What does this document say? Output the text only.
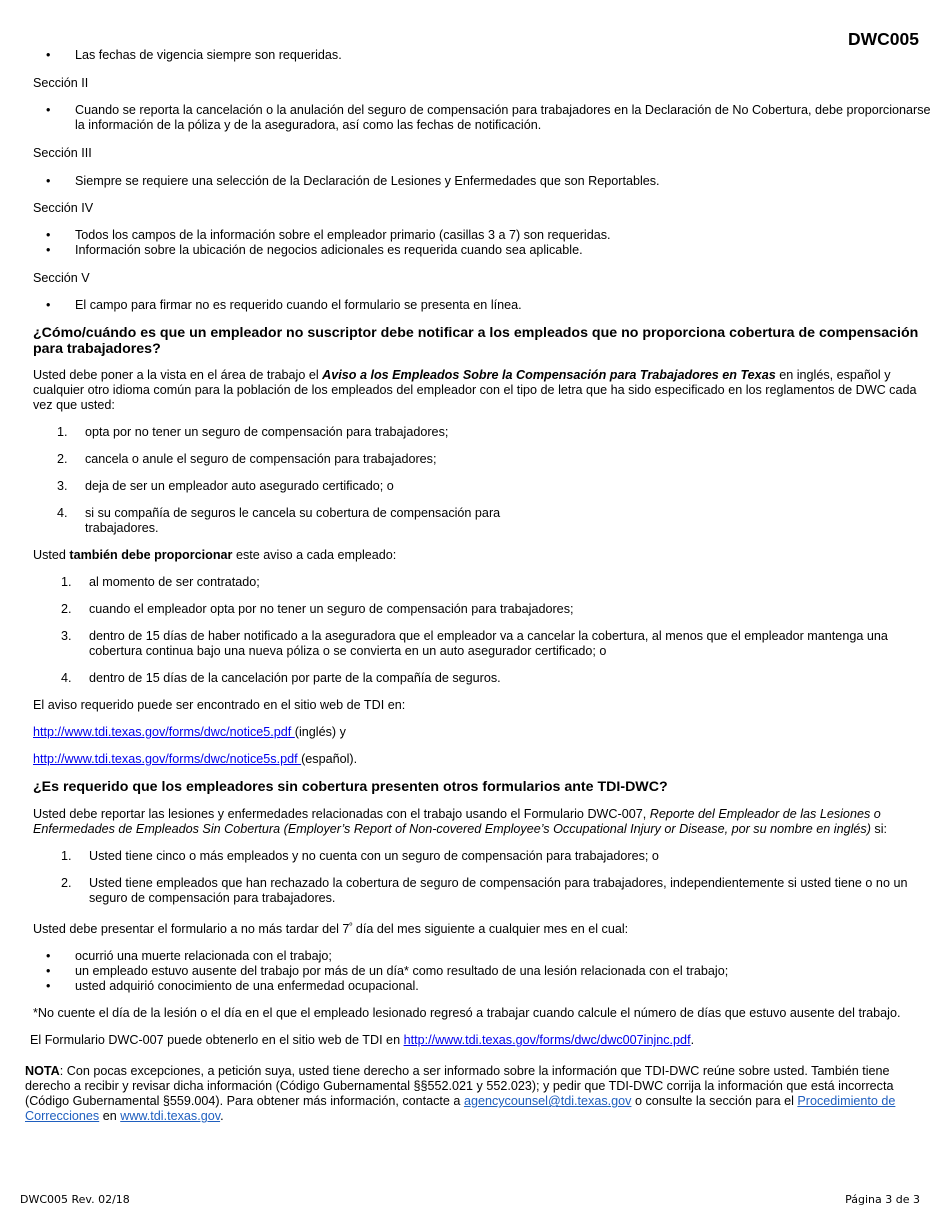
DWC005
• Las fechas de vigencia siempre son requeridas.

Sección II

• Cuando se reporta la cancelación o la anulación del seguro de compensación para trabajadores en la Declaración de No Cobertura, debe proporcionarse la información de la póliza y de la aseguradora, así como las fechas de notificación.

Sección III

• Siempre se requiere una selección de la Declaración de Lesiones y Enfermedades que son Reportables.

Sección IV

• Todos los campos de la información sobre el empleador primario (casillas 3 a 7) son requeridas.
• Información sobre la ubicación de negocios adicionales es requerida cuando sea aplicable.

Sección V

• El campo para firmar no es requerido cuando el formulario se presenta en línea.
¿Cómo/cuándo es que un empleador no suscriptor debe notificar a los empleados que no proporciona cobertura de compensación para trabajadores?

Usted debe poner a la vista en el área de trabajo el Aviso a los Empleados Sobre la Compensación para Trabajadores en Texas en inglés, español y cualquier otro idioma común para la población de los empleados del empleador con el tipo de letra que ha sido especificado en los reglamentos de DWC cada vez que usted:

1. opta por no tener un seguro de compensación para trabajadores;
2. cancela o anule el seguro de compensación para trabajadores;
3. deja de ser un empleador auto asegurado certificado; o
4. si su compañía de seguros le cancela su cobertura de compensación para trabajadores.

Usted también debe proporcionar este aviso a cada empleado:

1. al momento de ser contratado;
2. cuando el empleador opta por no tener un seguro de compensación para trabajadores;
3. dentro de 15 días de haber notificado a la aseguradora que el empleador va a cancelar la cobertura, al menos que el empleador mantenga una cobertura continua bajo una nueva póliza o se convierta en un auto asegurador certificado; o
4. dentro de 15 días de la cancelación por parte de la compañía de seguros.

El aviso requerido puede ser encontrado en el sitio web de TDI en:

http://www.tdi.texas.gov/forms/dwc/notice5.pdf (inglés) y

http://www.tdi.texas.gov/forms/dwc/notice5s.pdf (español).

¿Es requerido que los empleadores sin cobertura presenten otros formularios ante TDI-DWC?

Usted debe reportar las lesiones y enfermedades relacionadas con el trabajo usando el Formulario DWC-007, Reporte del Empleador de las Lesiones o Enfermedades de Empleados Sin Cobertura (Employer’s Report of Non-covered Employee’s Occupational Injury or Disease, por su nombre en inglés) si:

1. Usted tiene cinco o más empleados y no cuenta con un seguro de compensación para trabajadores; o
2. Usted tiene empleados que han rechazado la cobertura de seguro de compensación para trabajadores, independientemente si usted tiene o no un seguro de compensación para trabajadores.

Usted debe presentar el formulario a no más tardar del $7^º$ día del mes siguiente a cualquier mes en el cual:

• ocurrió una muerte relacionada con el trabajo;
• un empleado estuvo ausente del trabajo por más de un día* como resultado de una lesión relacionada con el trabajo;
• usted adquirió conocimiento de una enfermedad ocupacional.

*No cuente el día de la lesión o el día en el que el empleado lesionado regresó a trabajar cuando calcule el número de días que estuvo ausente del trabajo.

El Formulario DWC-007 puede obtenerlo en el sitio web de TDI en http://www.tdi.texas.gov/forms/dwc/dwc007injnc.pdf.

NOTA: Con pocas excepciones, a petición suya, usted tiene derecho a ser informado sobre la información que TDI-DWC reúne sobre usted. También tiene derecho a recibir y revisar dicha información (Código Gubernamental §§552.021 y 552.023); y pedir que TDI-DWC corrija la información que está incorrecta (Código Gubernamental §559.004). Para obtener más información, contacte a agencycounsel@tdi.texas.gov o consulte la sección para el Procedimiento de Correcciones en www.tdi.texas.gov.

DWC005 Rev. 02/18	Página 3 de 3
